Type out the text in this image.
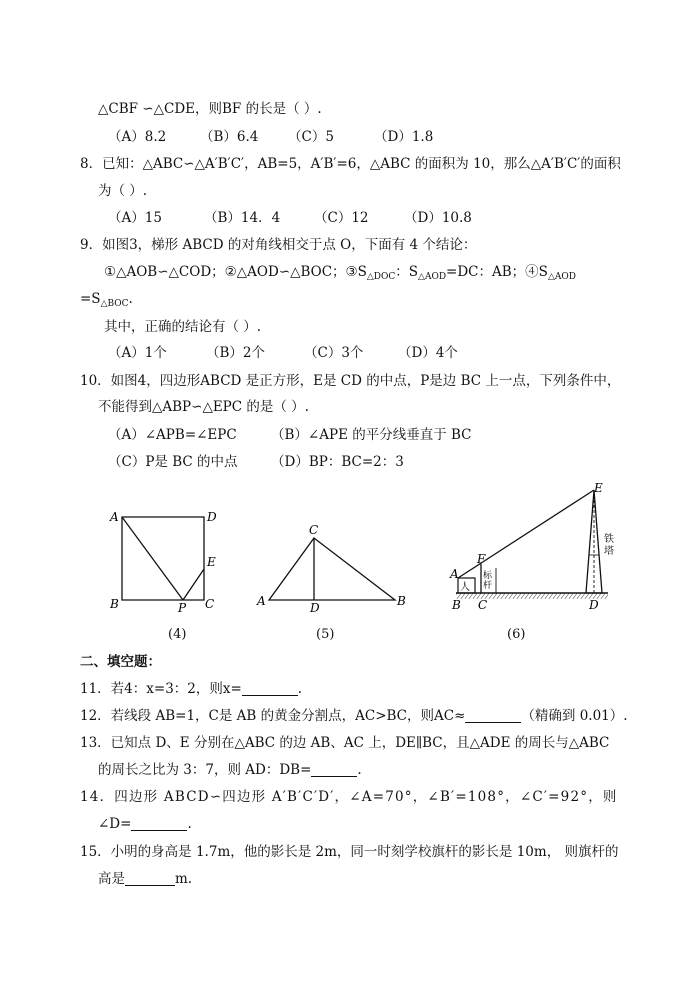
△CBF ∽△CDE，则BF 的长是（ ）.
（A）8.2	（B）6.4 （C）5	（D）1.8
8．已知：△ABC∽△A′B′C′，AB=5，A′B′=6，△ABC 的面积为 10，那么△A′B′C′的面积
为（ ）.
（A）15	（B）14．4	（C）12	（D）10.8
9．如图3，梯形 ABCD 的对角线相交于点 O，下面有 4 个结论：
①△AOB∽△COD；②△AOD∽△BOC；$③S_{\triangle DOC}$：$S_{\triangle AOD}=DC$：AB；$④S_{\triangle AOD}$
$=S_{\triangle BOC}$.
其中，正确的结论有（ ）.
（A）1个	（B）2个	（C）3个	（D）4个
10．如图4，四边形ABCD 是正方形，E是 CD 的中点，P是边 BC 上一点，下列条件中，
不能得到△ABP∽△EPC 的是（ ）.
（A）∠APB=∠EPC	（B）∠APE 的平分线垂直于 BC
（C）P是 BC 的中点 （D）BP：BC=2：3
A	D
E
B	P C
(4)
C
A	D	B
(5)
E
F
A
B C	D
人
标
杆
铁
塔
(6)
二、填空题：
11．若4：x=3：2，则x=	.
12．若线段 AB=1，C是 AB 的黄金分割点，AC>BC，则AC≈	（精确到 0.01）.
13．已知点 D、E 分别在△ABC 的边 AB、AC 上，DE∥BC，且△ADE 的周长与△ABC
的周长之比为 3：7，则 AD：DB=	.
14．四边形 ABCD∽四边形 A′B′C′D′，∠A=70°，∠B′=108°，∠C′=92°，则
∠D=	.
15．小明的身高是 1.7m，他的影长是 2m，同一时刻学校旗杆的影长是 10m， 则旗杆的
高是	m.
